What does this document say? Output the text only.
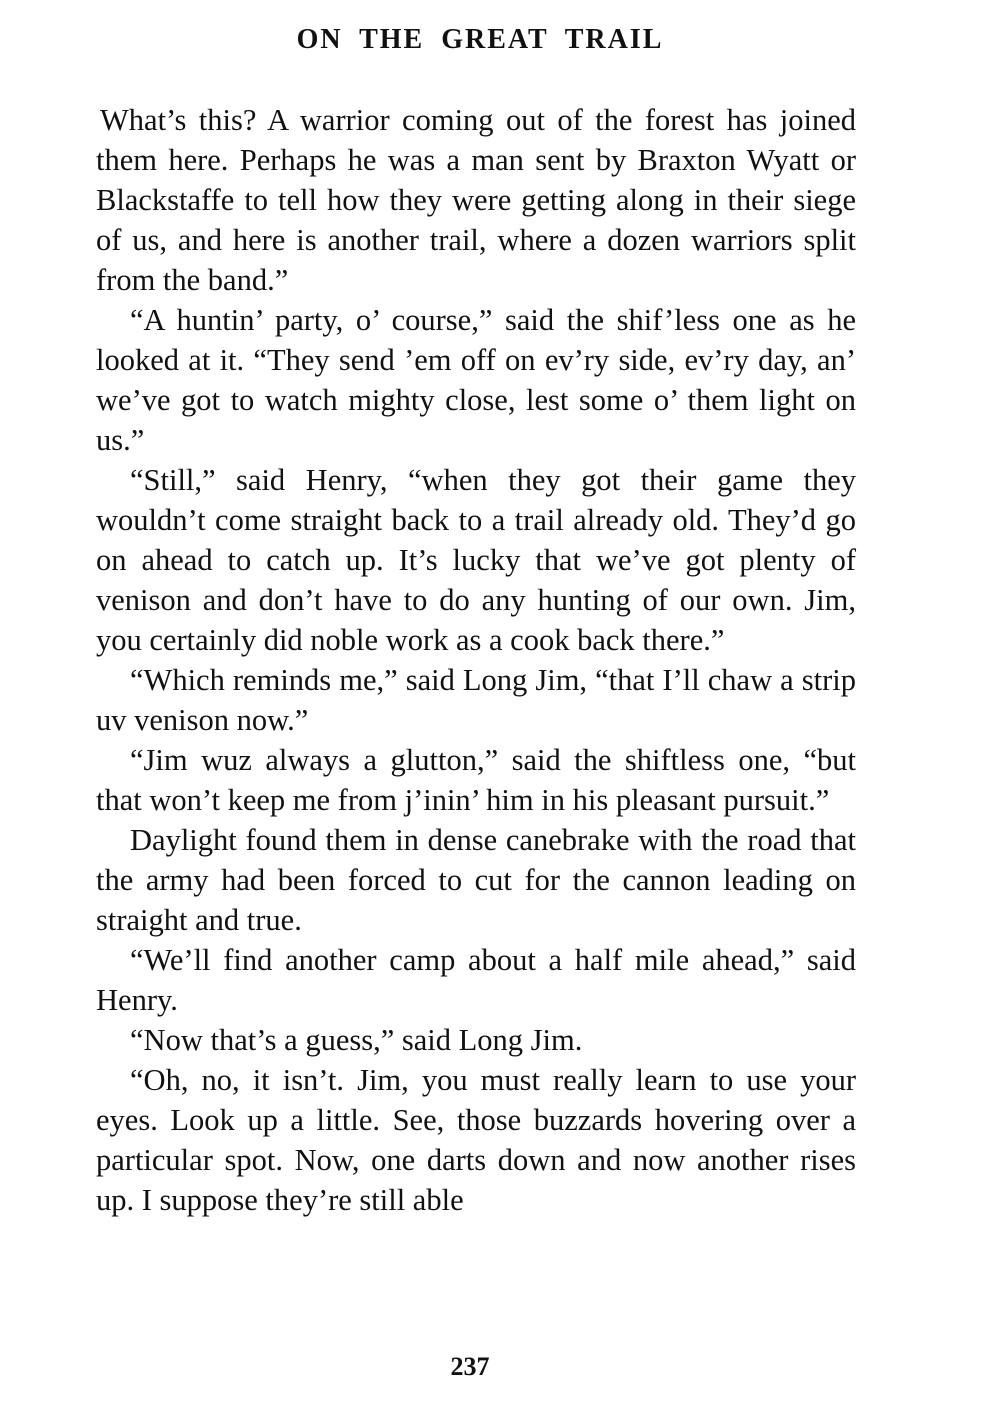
ON THE GREAT TRAIL

What’s this? A warrior coming out of the forest has joined them here. Perhaps he was a man sent by Braxton Wyatt or Blackstaffe to tell how they were getting along in their siege of us, and here is another trail, where a dozen warriors split from the band.”

“A huntin’ party, o’ course,” said the shif’less one as he looked at it. “They send ’em off on ev’ry side, ev’ry day, an’ we’ve got to watch mighty close, lest some o’ them light on us.”

“Still,” said Henry, “when they got their game they wouldn’t come straight back to a trail already old. They’d go on ahead to catch up. It’s lucky that we’ve got plenty of venison and don’t have to do any hunting of our own. Jim, you certainly did noble work as a cook back there.”

“Which reminds me,” said Long Jim, “that I’ll chaw a strip uv venison now.”

“Jim wuz always a glutton,” said the shiftless one, “but that won’t keep me from j’inin’ him in his pleasant pursuit.”

Daylight found them in dense canebrake with the road that the army had been forced to cut for the cannon leading on straight and true.

“We’ll find another camp about a half mile ahead,” said Henry.

“Now that’s a guess,” said Long Jim.

“Oh, no, it isn’t. Jim, you must really learn to use your eyes. Look up a little. See, those buzzards hovering over a particular spot. Now, one darts down and now another rises up. I suppose they’re still able

237
